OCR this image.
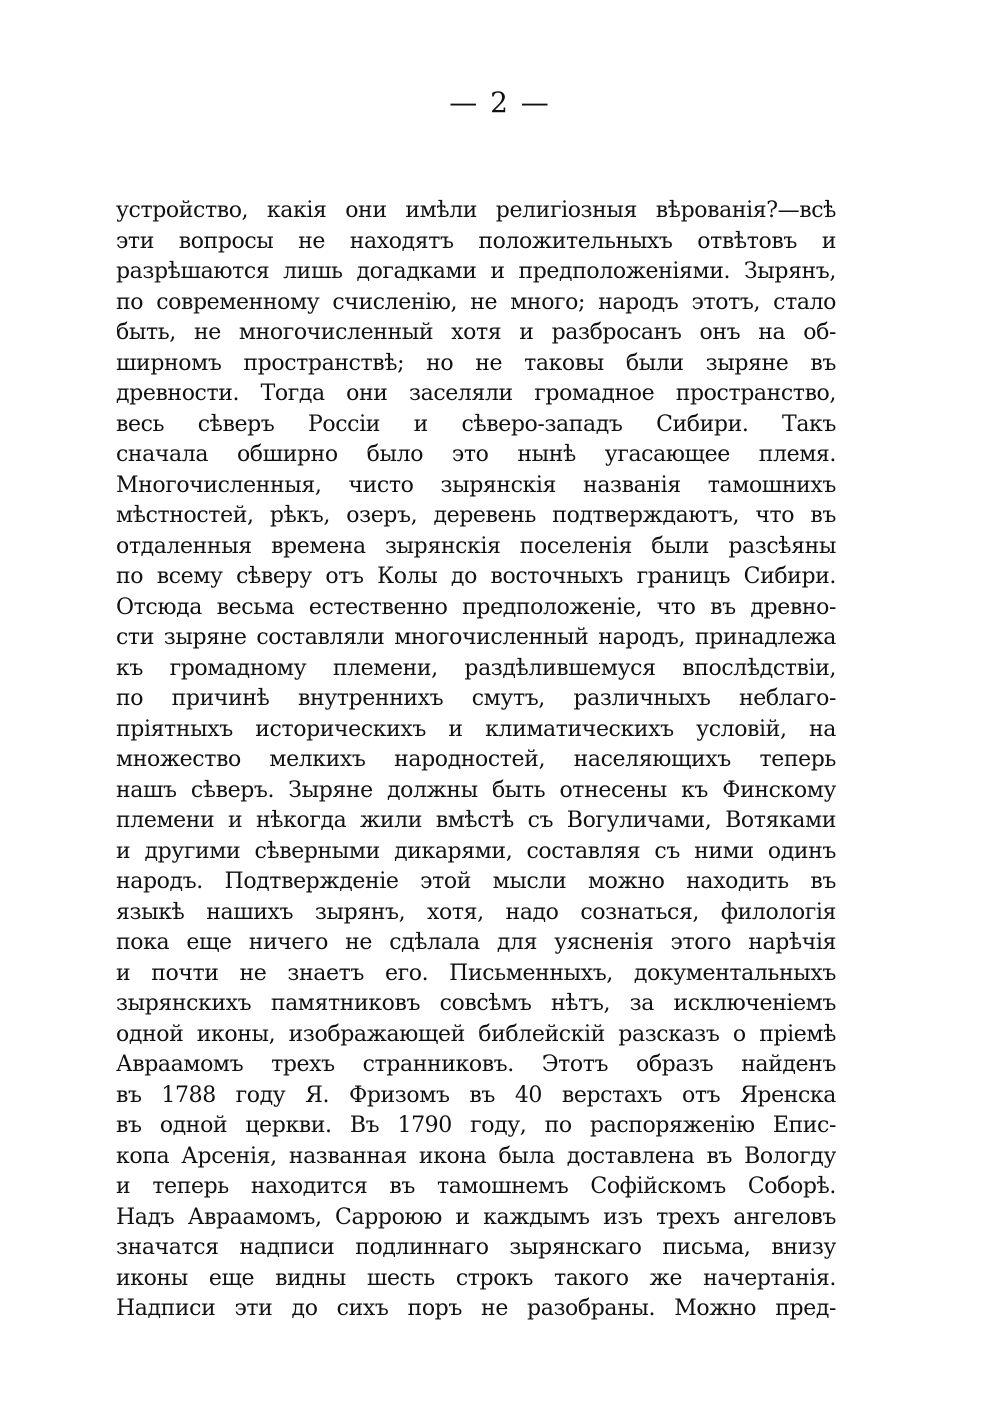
— 2 —
устройство, какія они имѣли религіозныя вѣрованія?—всѣ
эти вопросы не находятъ положительныхъ отвѣтовъ и
разрѣшаются лишь догадками и предположеніями. Зырянъ,
по современному счисленію, не много; народъ этотъ, стало
быть, не многочисленный хотя и разбросанъ онъ на об-
ширномъ пространствѣ; но не таковы были зыряне въ
древности. Тогда они заселяли громадное пространство,
весь сѣверъ Россіи и сѣверо-западъ Сибири. Такъ
сначала обширно было это нынѣ угасающее племя.
Многочисленныя, чисто зырянскія названія тамошнихъ
мѣстностей, рѣкъ, озеръ, деревень подтверждаютъ, что въ
отдаленныя времена зырянскія поселенія были разсѣяны
по всему сѣверу отъ Колы до восточныхъ границъ Сибири.
Отсюда весьма естественно предположеніе, что въ древно-
сти зыряне составляли многочисленный народъ, принадлежа
къ громадному племени, раздѣлившемуся впослѣдствіи,
по причинѣ внутреннихъ смутъ, различныхъ неблаго-
пріятныхъ историческихъ и климатическихъ условій, на
множество мелкихъ народностей, населяющихъ теперь
нашъ сѣверъ. Зыряне должны быть отнесены къ Финскому
племени и нѣкогда жили вмѣстѣ съ Вогуличами, Вотяками
и другими сѣверными дикарями, составляя съ ними одинъ
народъ. Подтвержденіе этой мысли можно находить въ
языкѣ нашихъ зырянъ, хотя, надо сознаться, филологія
пока еще ничего не сдѣлала для уясненія этого нарѣчія
и почти не знаетъ его. Письменныхъ, документальныхъ
зырянскихъ памятниковъ совсѣмъ нѣтъ, за исключеніемъ
одной иконы, изображающей библейскій разсказъ о пріемѣ
Авраамомъ трехъ странниковъ. Этотъ образъ найденъ
въ 1788 году Я. Фризомъ въ 40 верстахъ отъ Яренска
въ одной церкви. Въ 1790 году, по распоряженію Епис-
копа Арсенія, названная икона была доставлена въ Вологду
и теперь находится въ тамошнемъ Софійскомъ Соборѣ.
Надъ Авраамомъ, Сарроюю и каждымъ изъ трехъ ангеловъ
значатся надписи подлиннаго зырянскаго письма, внизу
иконы еще видны шесть строкъ такого же начертанія.
Надписи эти до сихъ поръ не разобраны. Можно пред-
